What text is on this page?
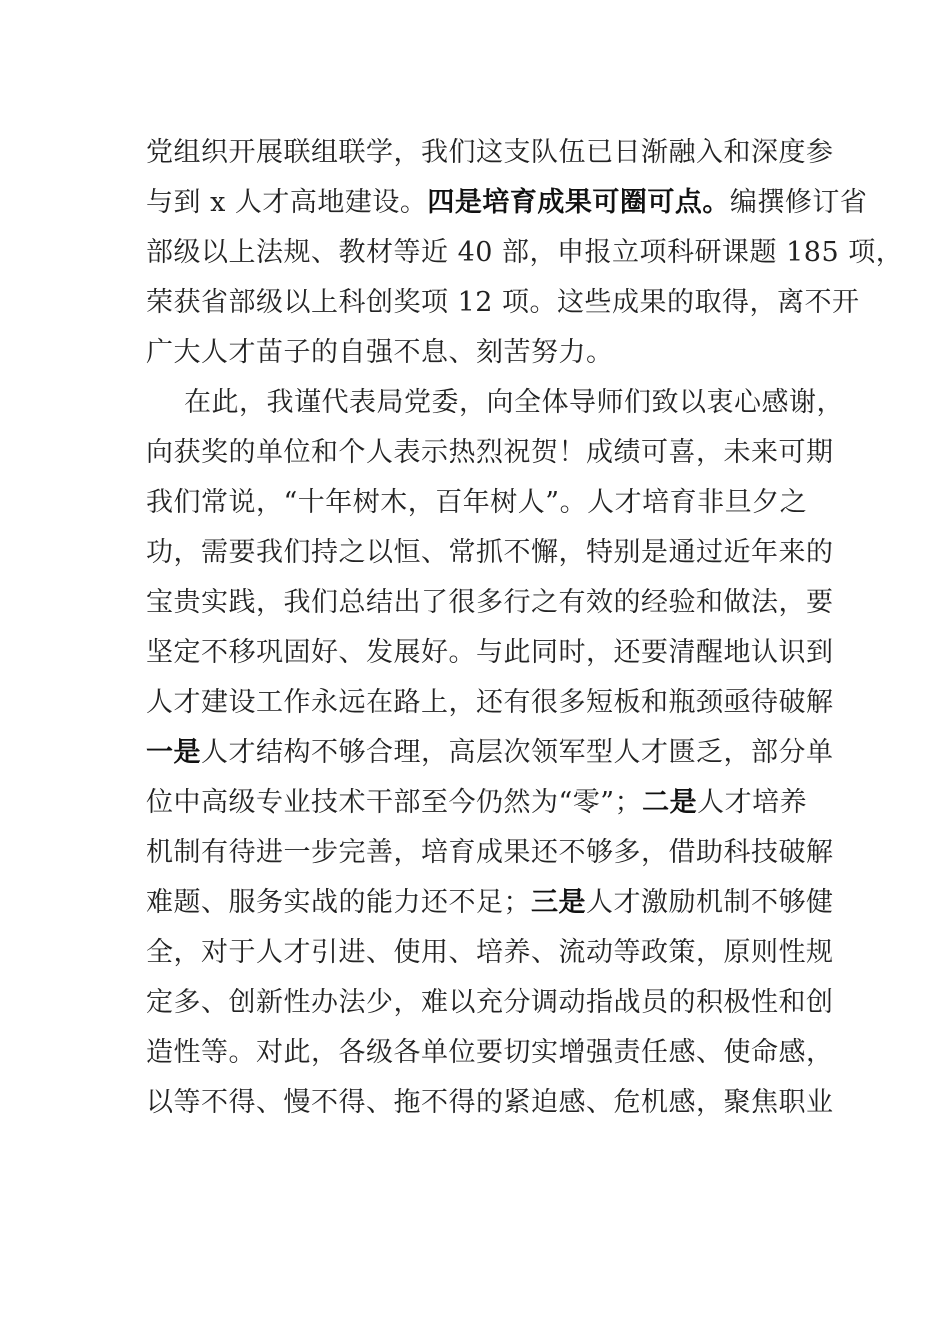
党组织开展联组联学，我们这支队伍已日渐融入和深度参
与到 x 人才高地建设。四是培育成果可圈可点。编撰修订省
部级以上法规、教材等近 40 部，申报立项科研课题 185 项，
荣获省部级以上科创奖项 12 项。这些成果的取得，离不开
广大人才苗子的自强不息、刻苦努力。
在此，我谨代表局党委，向全体导师们致以衷心感谢，
向获奖的单位和个人表示热烈祝贺！成绩可喜，未来可期
我们常说，“十年树木，百年树人”。人才培育非旦夕之
功，需要我们持之以恒、常抓不懈，特别是通过近年来的
宝贵实践，我们总结出了很多行之有效的经验和做法，要
坚定不移巩固好、发展好。与此同时，还要清醒地认识到
人才建设工作永远在路上，还有很多短板和瓶颈亟待破解
一是人才结构不够合理，高层次领军型人才匮乏，部分单
位中高级专业技术干部至今仍然为“零”；二是人才培养
机制有待进一步完善，培育成果还不够多，借助科技破解
难题、服务实战的能力还不足；三是人才激励机制不够健
全，对于人才引进、使用、培养、流动等政策，原则性规
定多、创新性办法少，难以充分调动指战员的积极性和创
造性等。对此，各级各单位要切实增强责任感、使命感，
以等不得、慢不得、拖不得的紧迫感、危机感，聚焦职业
